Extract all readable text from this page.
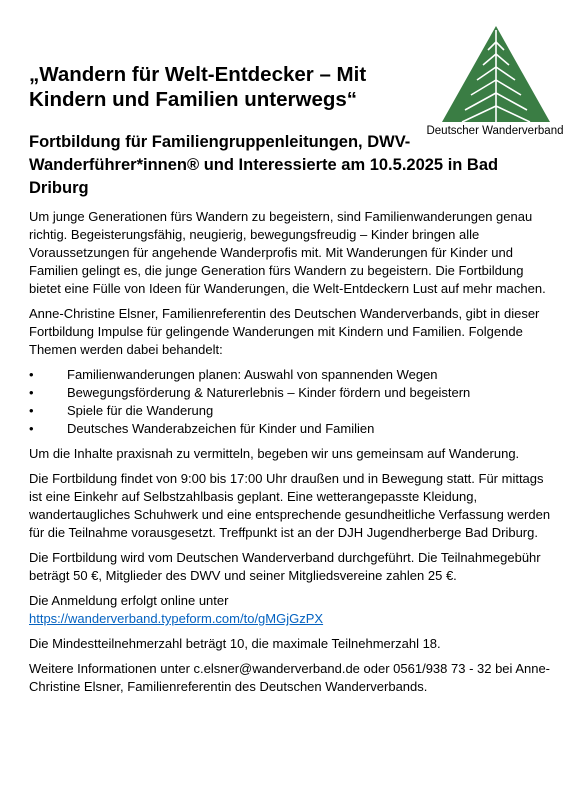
„Wandern für Welt-Entdecker – Mit Kindern und Familien unterwegs“
Deutscher Wanderverband
Fortbildung für Familiengruppenleitungen, DWV-Wanderführer*innen® und Interessierte am 10.5.2025 in Bad Driburg

Um junge Generationen fürs Wandern zu begeistern, sind Familienwanderungen genau richtig. Begeisterungsfähig, neugierig, bewegungsfreudig – Kinder bringen alle Voraussetzungen für angehende Wanderprofis mit. Mit Wanderungen für Kinder und Familien gelingt es, die junge Generation fürs Wandern zu begeistern. Die Fortbildung bietet eine Fülle von Ideen für Wanderungen, die Welt-Entdeckern Lust auf mehr machen.

Anne-Christine Elsner, Familienreferentin des Deutschen Wanderverbands, gibt in dieser Fortbildung Impulse für gelingende Wanderungen mit Kindern und Familien. Folgende Themen werden dabei behandelt:

•	Familienwanderungen planen: Auswahl von spannenden Wegen
•	Bewegungsförderung & Naturerlebnis – Kinder fördern und begeistern
•	Spiele für die Wanderung
•	Deutsches Wanderabzeichen für Kinder und Familien

Um die Inhalte praxisnah zu vermitteln, begeben wir uns gemeinsam auf Wanderung.

Die Fortbildung findet von 9:00 bis 17:00 Uhr draußen und in Bewegung statt. Für mittags ist eine Einkehr auf Selbstzahlbasis geplant. Eine wetterangepasste Kleidung, wandertaugliches Schuhwerk und eine entsprechende gesundheitliche Verfassung werden für die Teilnahme vorausgesetzt. Treffpunkt ist an der DJH Jugendherberge Bad Driburg.

Die Fortbildung wird vom Deutschen Wanderverband durchgeführt. Die Teilnahmegebühr beträgt 50 €, Mitglieder des DWV und seiner Mitgliedsvereine zahlen 25 €.

Die Anmeldung erfolgt online unter
https://wanderverband.typeform.com/to/gMGjGzPX

Die Mindestteilnehmerzahl beträgt 10, die maximale Teilnehmerzahl 18.

Weitere Informationen unter c.elsner@wanderverband.de oder 0561/938 73 - 32 bei Anne-Christine Elsner, Familienreferentin des Deutschen Wanderverbands.
